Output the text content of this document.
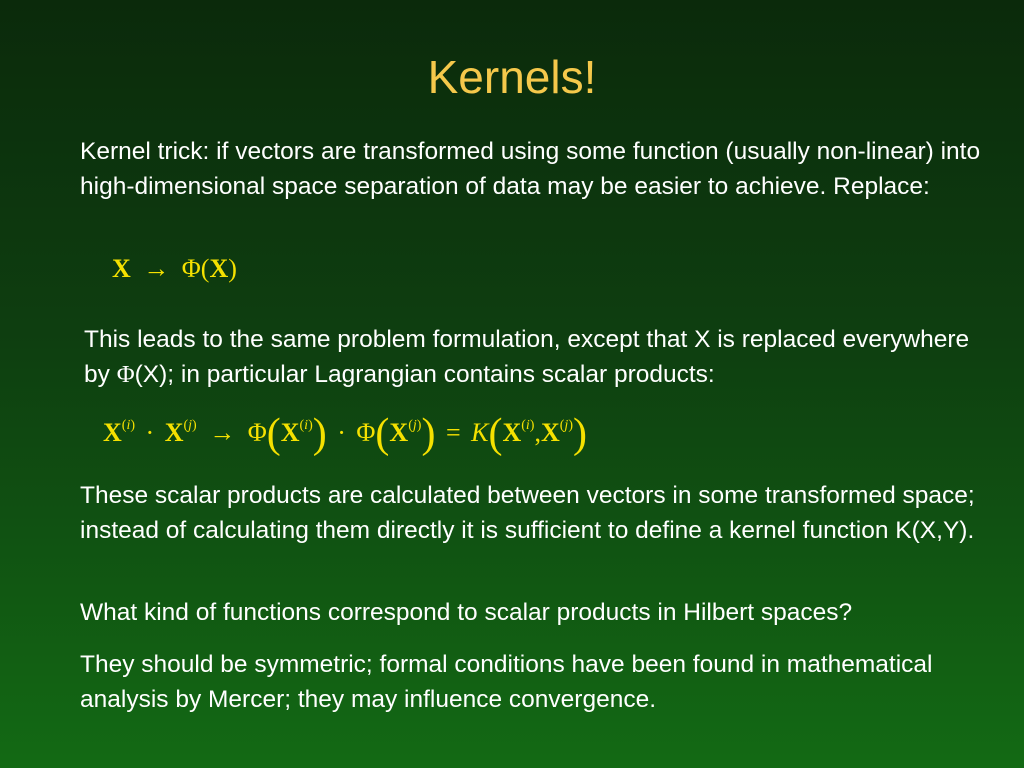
Kernels!
Kernel trick: if vectors are transformed using some function (usually non-linear) into high-dimensional space separation of data may be easier to achieve. Replace:
X → Φ(X)
This leads to the same problem formulation, except that X is replaced everywhere by Φ(X); in particular Lagrangian contains scalar products:
$X^{(i)} \cdot X^{(j)} \to \Phi(X^{(i)}) \cdot \Phi(X^{(j)}) = K(X^{(i)},X^{(j)})$
These scalar products are calculated between vectors in some transformed space; instead of calculating them directly it is sufficient to define a kernel function K(X,Y).
What kind of functions correspond to scalar products in Hilbert spaces?
They should be symmetric; formal conditions have been found in mathematical analysis by Mercer; they may influence convergence.
